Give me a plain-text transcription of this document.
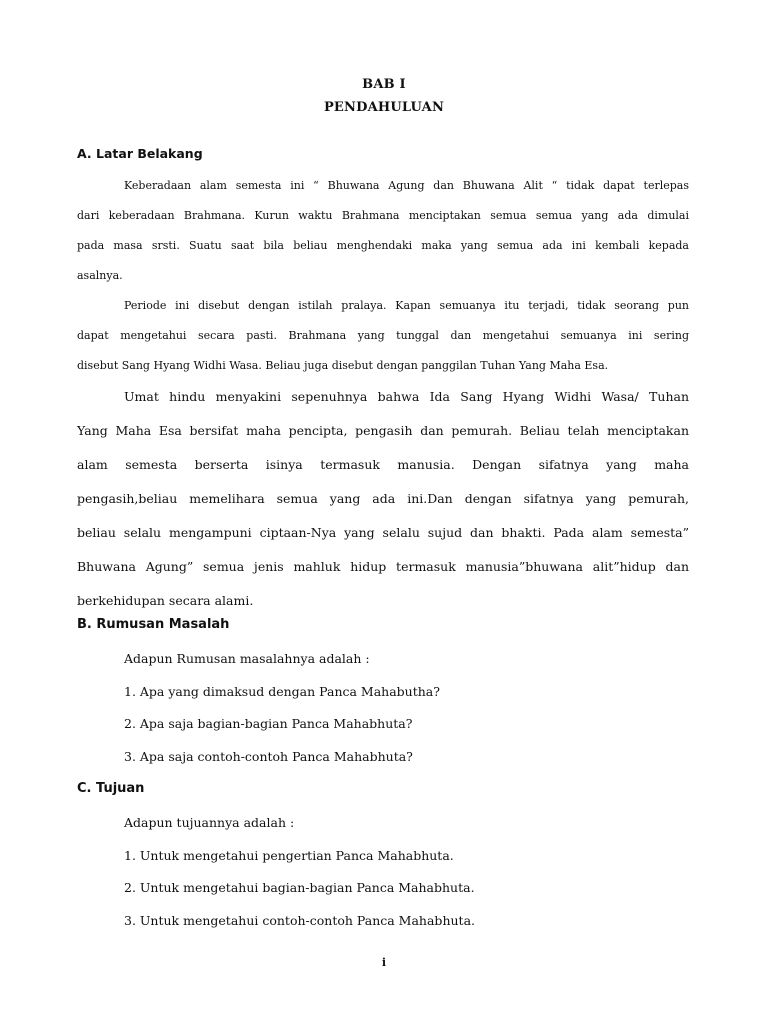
BAB I

PENDAHULUAN

A. Latar Belakang

Keberadaan alam semesta ini “ Bhuwana Agung dan Bhuwana Alit “ tidak dapat terlepas
dari keberadaan Brahmana. Kurun waktu Brahmana menciptakan semua semua yang ada dimulai
pada masa srsti. Suatu saat bila beliau menghendaki maka yang semua ada ini kembali kepada
asalnya.
Periode ini disebut dengan istilah pralaya. Kapan semuanya itu terjadi, tidak seorang pun
dapat mengetahui secara pasti. Brahmana yang tunggal dan mengetahui semuanya ini sering
disebut Sang Hyang Widhi Wasa. Beliau juga disebut dengan panggilan Tuhan Yang Maha Esa.
Umat hindu menyakini sepenuhnya bahwa Ida Sang Hyang Widhi Wasa/ Tuhan
Yang Maha Esa bersifat maha pencipta, pengasih dan pemurah. Beliau telah menciptakan
alam semesta berserta isinya termasuk manusia. Dengan sifatnya yang maha
pengasih,beliau memelihara semua yang ada ini.Dan dengan sifatnya yang pemurah,
beliau selalu mengampuni ciptaan-Nya yang selalu sujud dan bhakti. Pada alam semesta”
Bhuwana Agung” semua jenis mahluk hidup termasuk manusia”bhuwana alit”hidup dan
berkehidupan secara alami.

B. Rumusan Masalah

Adapun Rumusan masalahnya adalah :

1. Apa yang dimaksud dengan Panca Mahabutha?

2. Apa saja bagian-bagian Panca Mahabhuta?

3. Apa saja contoh-contoh Panca Mahabhuta?

C. Tujuan

Adapun tujuannya adalah :

1. Untuk mengetahui pengertian Panca Mahabhuta.

2. Untuk mengetahui bagian-bagian Panca Mahabhuta.

3. Untuk mengetahui contoh-contoh Panca Mahabhuta.

i
